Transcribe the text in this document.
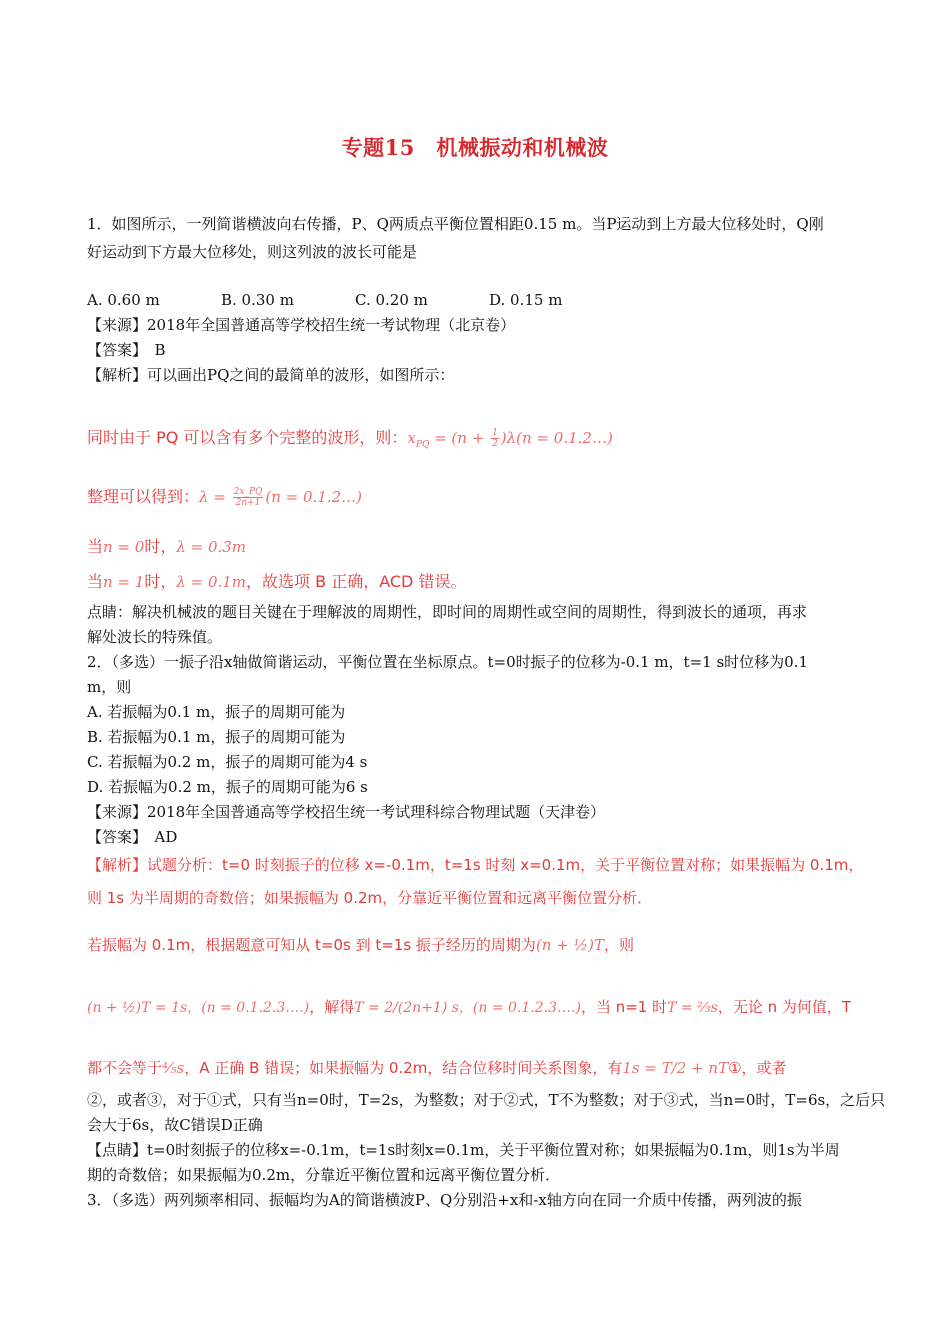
专题15　机械振动和机械波
1．如图所示，一列简谐横波向右传播，P、Q两质点平衡位置相距0.15 m。当P运动到上方最大位移处时，Q刚
好运动到下方最大位移处，则这列波的波长可能是
A. 0.60 m	B. 0.30 m	C. 0.20 m	D. 0.15 m
【来源】2018年全国普通高等学校招生统一考试物理（北京卷）
【答案】　B
【解析】可以画出PQ之间的最简单的波形，如图所示：
同时由于 PQ 可以含有多个完整的波形，则：$x_{PQ} = (n + \frac{1}{2} )\lambda(n$ = 0.1.2…)
整理可以得到：$\lambda = \frac{2x\_PQ}{2n+1} (n$ = 0.1.2…)
当n = 0时，λ = 0.3m
当n = 1时，λ = 0.1m，故选项 B 正确，ACD 错误。
点睛：解决机械波的题目关键在于理解波的周期性，即时间的周期性或空间的周期性，得到波长的通项，再求
解处波长的特殊值。
2．（多选）一振子沿x轴做简谐运动，平衡位置在坐标原点。t=0时振子的位移为-0.1 m，t=1 s时位移为0.1
m，则
A. 若振幅为0.1 m，振子的周期可能为
B. 若振幅为0.1 m，振子的周期可能为
C. 若振幅为0.2 m，振子的周期可能为4 s
D. 若振幅为0.2 m，振子的周期可能为6 s
【来源】2018年全国普通高等学校招生统一考试理科综合物理试题（天津卷）
【答案】　AD
【解析】试题分析：t=0 时刻振子的位移 x=-0.1m，t=1s 时刻 x=0.1m，关于平衡位置对称；如果振幅为 0.1m，
则 1s 为半周期的奇数倍；如果振幅为 0.2m，分靠近平衡位置和远离平衡位置分析．
若振幅为 0.1m，根据题意可知从 t=0s 到 t=1s 振子经历的周期为(n + ½)T，则
(n + ½)T = 1s，(n = 0.1.2.3….)，解得T = 2/(2n+1) s，(n = 0.1.2.3….)，当 n=1 时T = ⅔s，无论 n 为何值，T
都不会等于⅘s，A 正确 B 错误；如果振幅为 0.2m，结合位移时间关系图象，有1s = T/2 + nT①，或者
②，或者③，对于①式，只有当n=0时，T=2s，为整数；对于②式，T不为整数；对于③式，当n=0时，T=6s，之后只
会大于6s，故C错误D正确
【点睛】t=0时刻振子的位移x=-0.1m，t=1s时刻x=0.1m，关于平衡位置对称；如果振幅为0.1m，则1s为半周
期的奇数倍；如果振幅为0.2m，分靠近平衡位置和远离平衡位置分析．
3．（多选）两列频率相同、振幅均为A的简谐横波P、Q分别沿+x和-x轴方向在同一介质中传播，两列波的振
